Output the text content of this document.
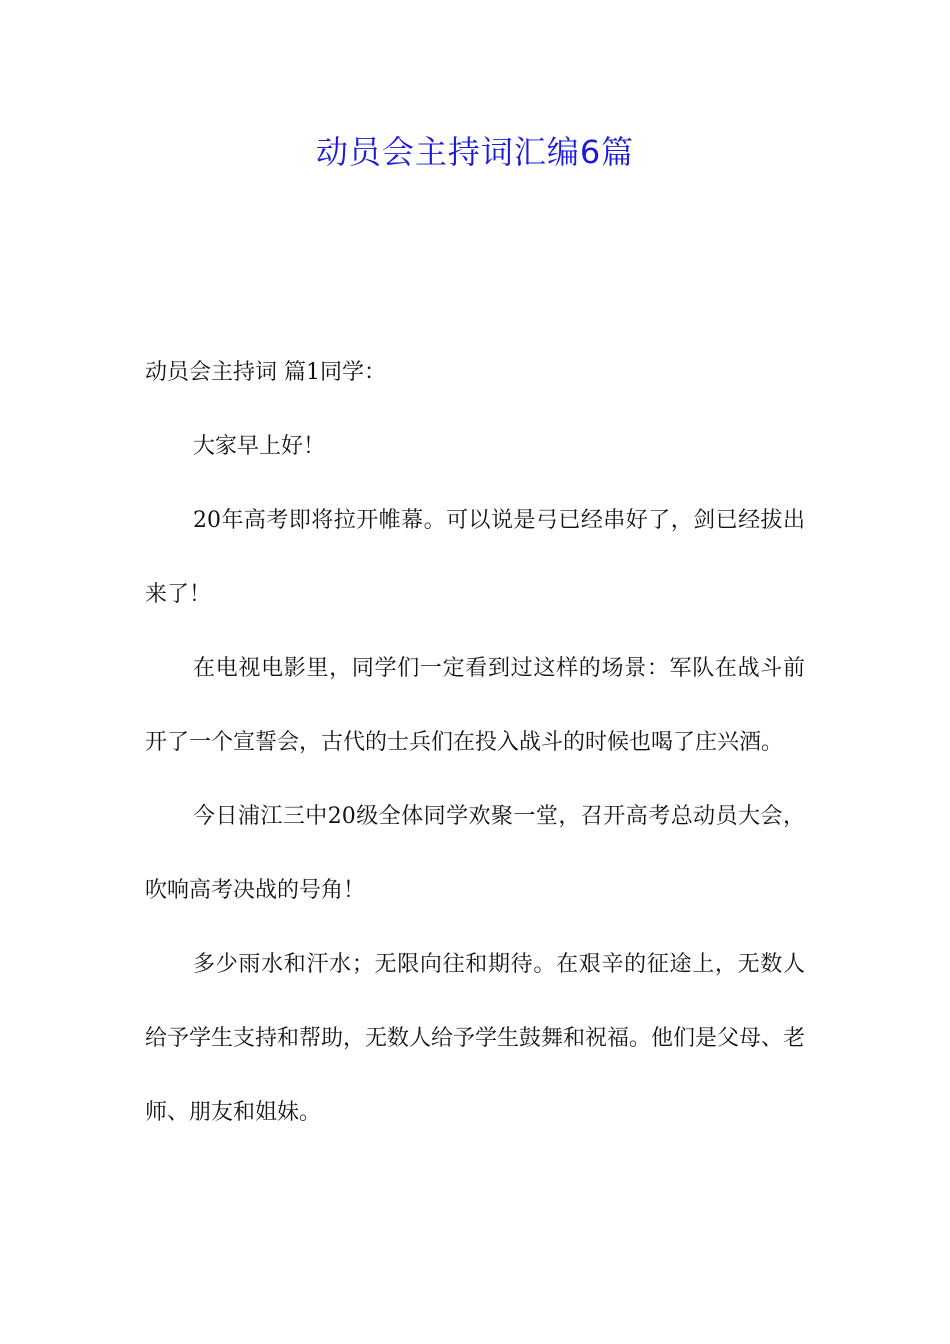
动员会主持词汇编6篇

动员会主持词 篇1同学：

大家早上好！

20年高考即将拉开帷幕。可以说是弓已经串好了，剑已经拔出来了！

在电视电影里，同学们一定看到过这样的场景：军队在战斗前开了一个宣誓会，古代的士兵们在投入战斗的时候也喝了庄兴酒。

今日浦江三中20级全体同学欢聚一堂，召开高考总动员大会，吹响高考决战的号角！

多少雨水和汗水；无限向往和期待。在艰辛的征途上，无数人给予学生支持和帮助，无数人给予学生鼓舞和祝福。他们是父母、老师、朋友和姐妹。
